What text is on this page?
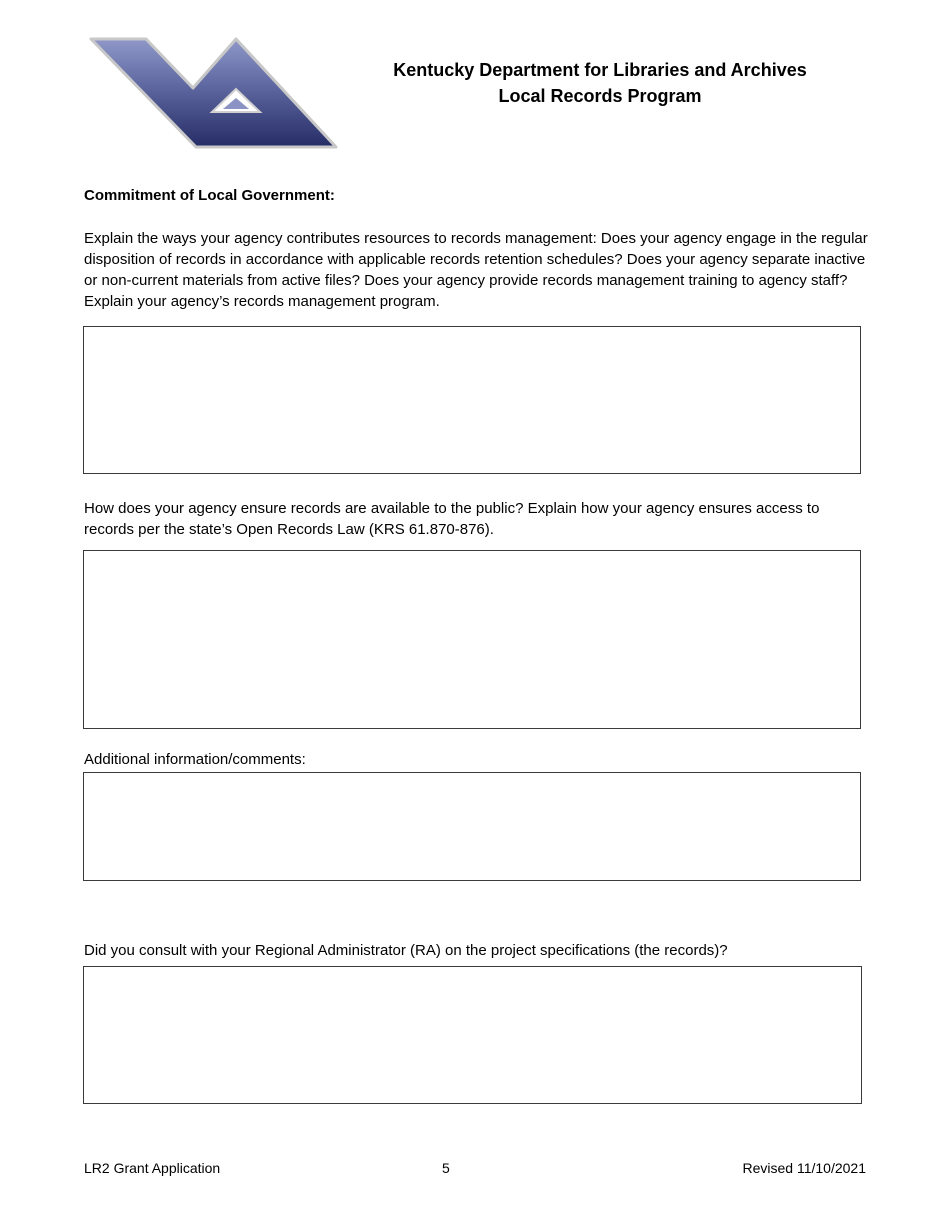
Kentucky Department for Libraries and Archives
Local Records Program
Commitment of Local Government:
Explain the ways your agency contributes resources to records management: Does your agency engage in the regular disposition of records in accordance with applicable records retention schedules? Does your agency separate inactive or non-current materials from active files? Does your agency provide records management training to agency staff? Explain your agency’s records management program.
How does your agency ensure records are available to the public? Explain how your agency ensures access to records per the state’s Open Records Law (KRS 61.870-876).
Additional information/comments:
Did you consult with your Regional Administrator (RA) on the project specifications (the records)?
LR2 Grant Application	5	Revised 11/10/2021
